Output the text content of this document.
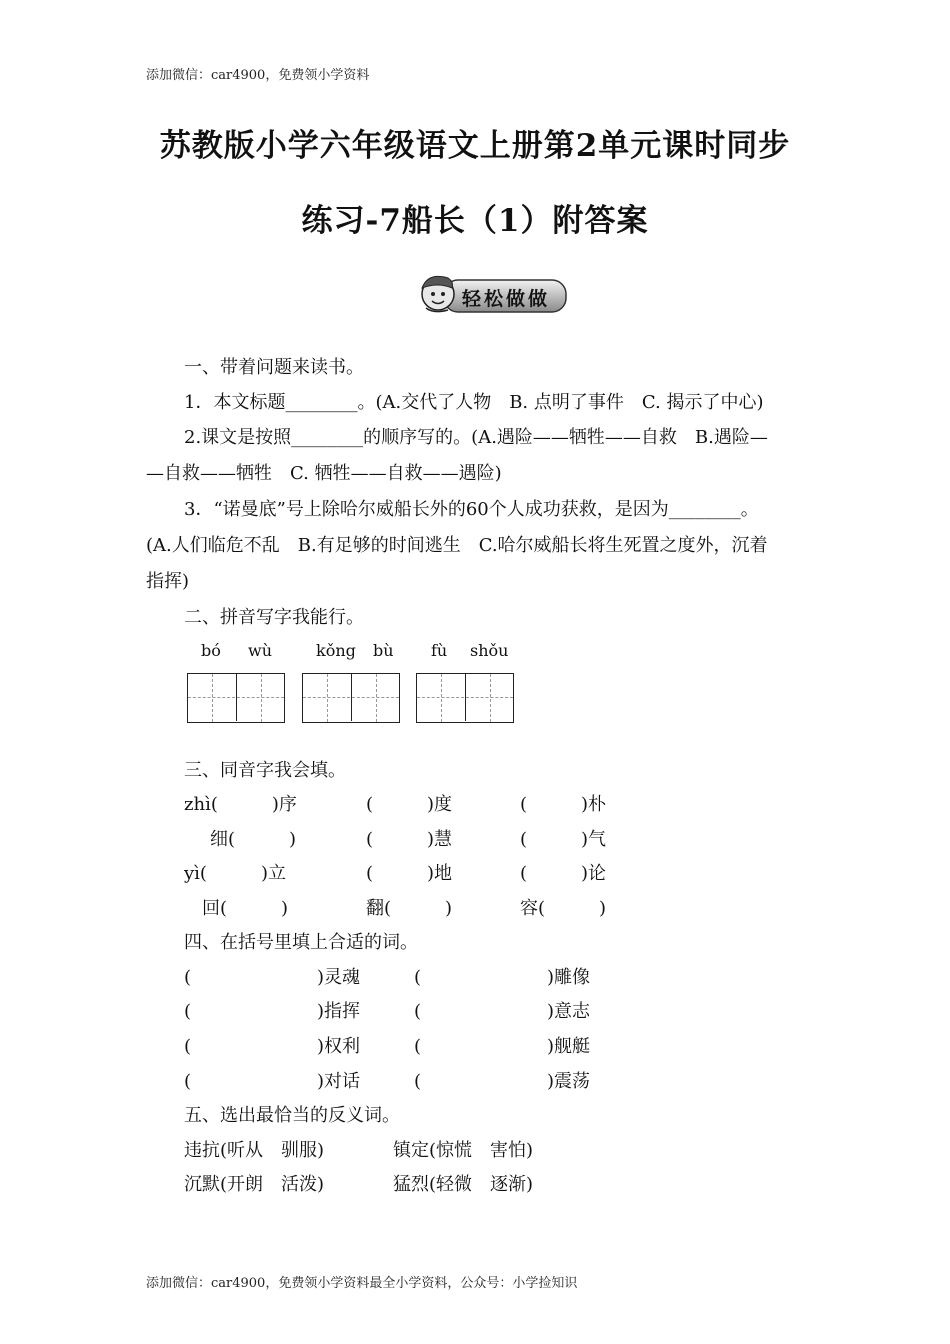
添加微信：car4900，免费领小学资料
苏教版小学六年级语文上册第2单元课时同步
练习-7船长（1）附答案
轻松做做
一、带着问题来读书。
1．本文标题________。(A.交代了人物　B. 点明了事件　C. 揭示了中心)
2.课文是按照________的顺序写的。(A.遇险——牺牲——自救　B.遇险—
—自救——牺牲　C. 牺牲——自救——遇险)
3．“诺曼底”号上除哈尔威船长外的60个人成功获救，是因为________。
(A.人们临危不乱　B.有足够的时间逃生　C.哈尔威船长将生死置之度外，沉着
指挥)
二、拼音写字我能行。
bó wù	kǒng bù fù shǒu
三、同音字我会填。
zhì(　　　)序	(　　　)度	(　　　)朴
细(　　　)	(　　　)慧	(　　　)气
yì(　　　)立	(　　　)地	(　　　)论
回(　　　)	翻(　　　)	容(　　　)
四、在括号里填上合适的词。
(　　　　　　　)灵魂	(　　　　　　　)雕像
(　　　　　　　)指挥	(　　　　　　　)意志
(　　　　　　　)权利	(　　　　　　　)舰艇
(　　　　　　　)对话	(　　　　　　　)震荡
五、选出最恰当的反义词。
违抗(听从　驯服)	镇定(惊慌　害怕)
沉默(开朗　活泼)	猛烈(轻微　逐渐)
添加微信：car4900，免费领小学资料最全小学资料，公众号：小学捡知识
